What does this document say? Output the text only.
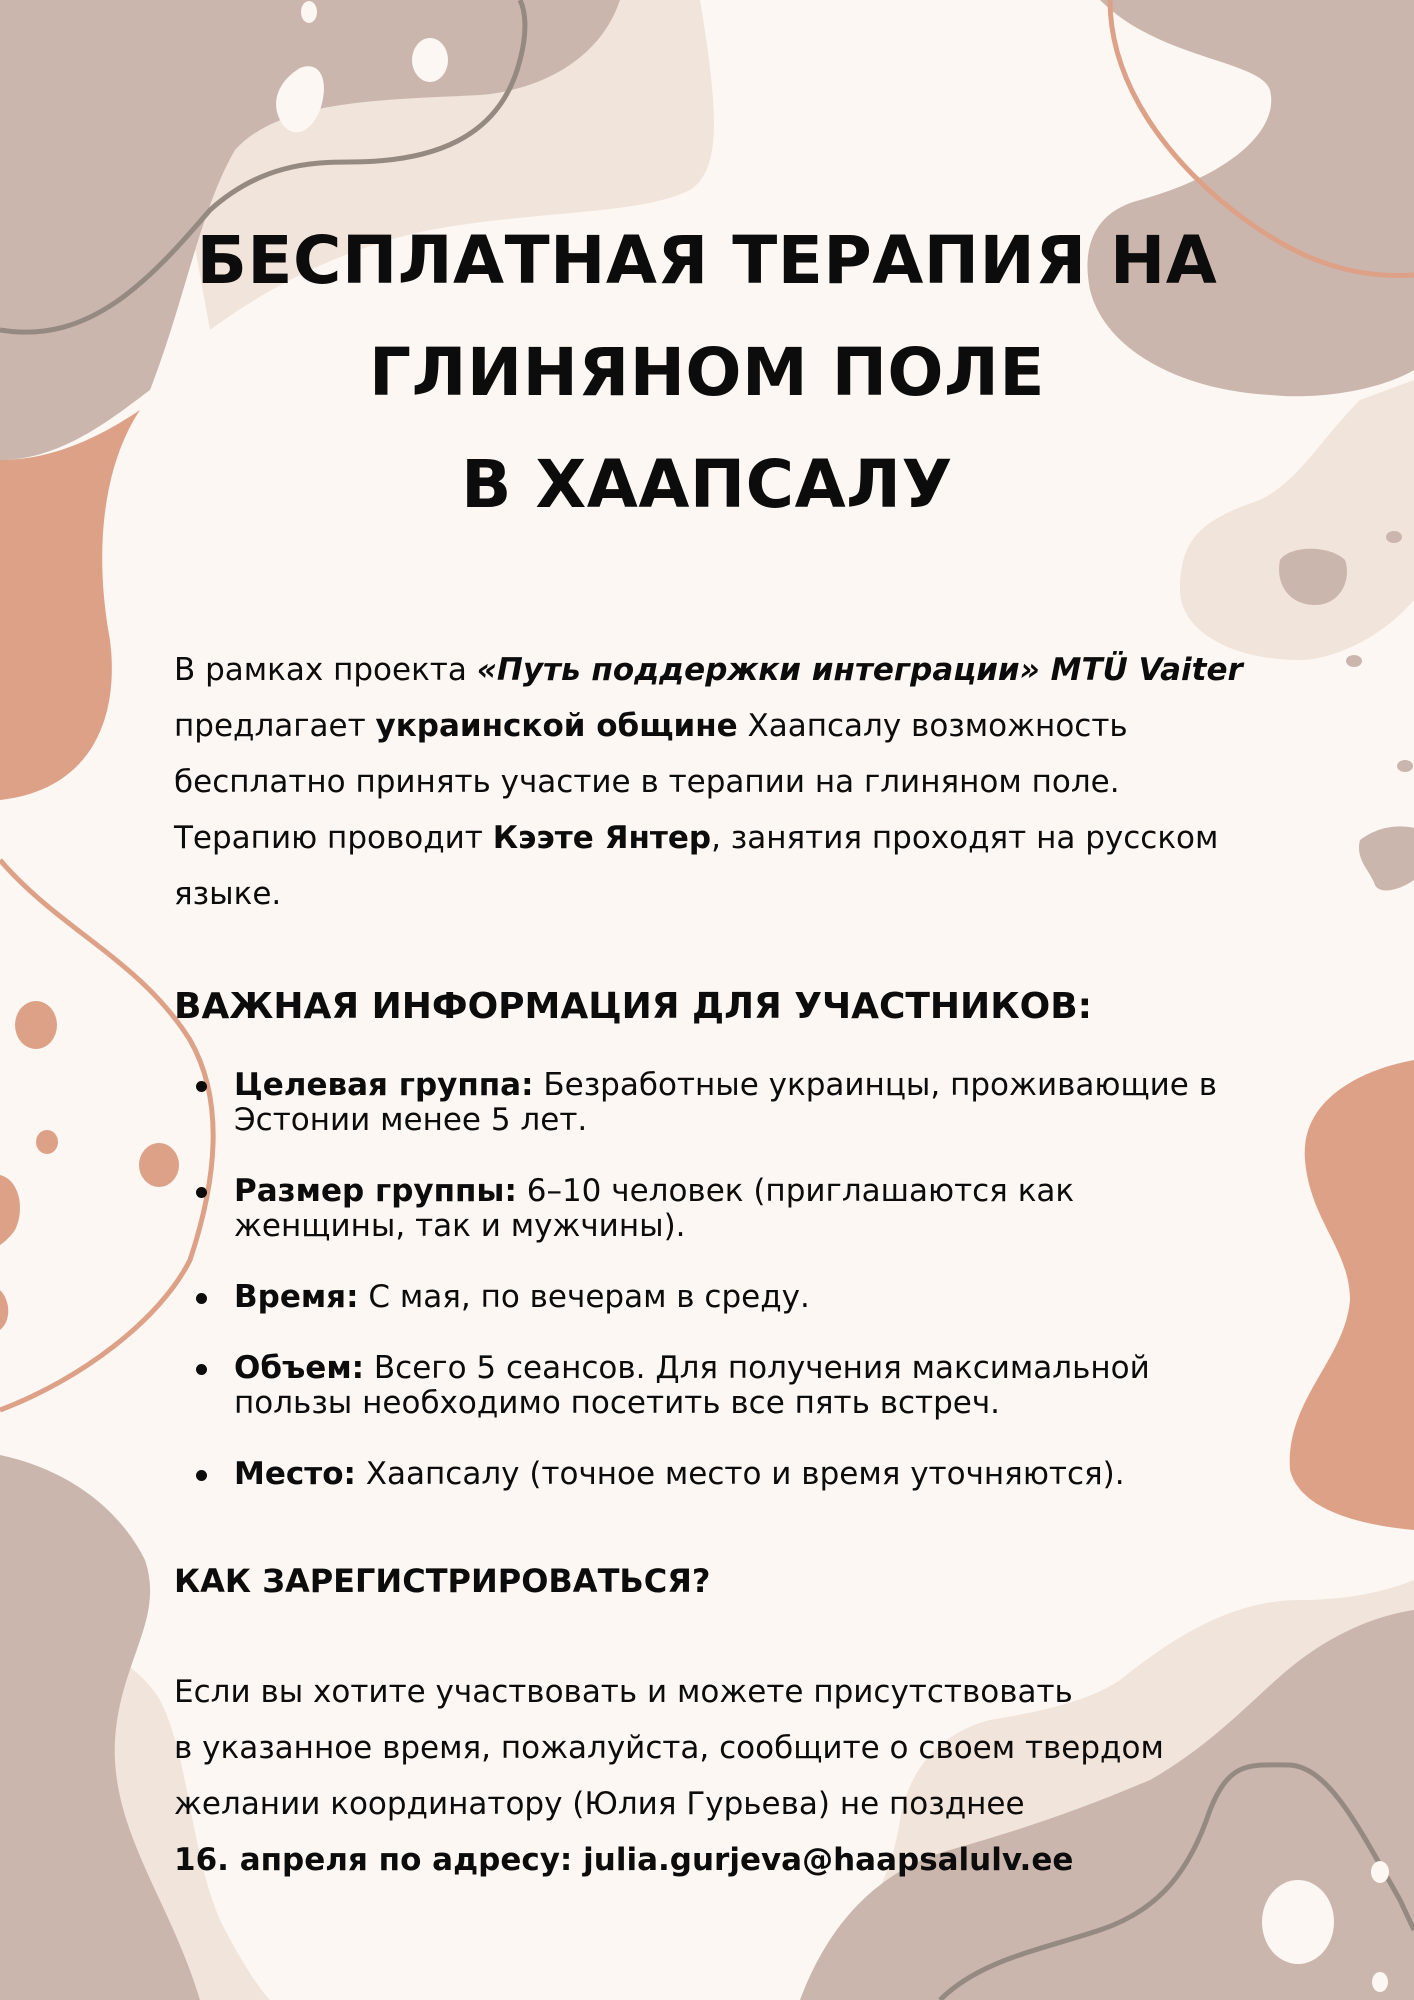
БЕСПЛАТНАЯ ТЕРАПИЯ НА
ГЛИНЯНОМ ПОЛЕ
В ХААПСАЛУ

В рамках проекта «Путь поддержки интеграции» MTÜ Vaiter предлагает украинской общине Хаапсалу возможность бесплатно принять участие в терапии на глиняном поле. Терапию проводит Кээте Янтер, занятия проходят на русском языке.

ВАЖНАЯ ИНФОРМАЦИЯ ДЛЯ УЧАСТНИКОВ:
Целевая группа: Безработные украинцы, проживающие в Эстонии менее 5 лет.
Размер группы: 6–10 человек (приглашаются как женщины, так и мужчины).
Время: С мая, по вечерам в среду.
Объем: Всего 5 сеансов. Для получения максимальной пользы необходимо посетить все пять встреч.
Место: Хаапсалу (точное место и время уточняются).
КАК ЗАРЕГИСТРИРОВАТЬСЯ?
Если вы хотите участвовать и можете присутствовать
в указанное время, пожалуйста, сообщите о своем твердом
желании координатору (Юлия Гурьева) не позднее
16. апреля по адресу: julia.gurjeva@haapsalulv.ee
